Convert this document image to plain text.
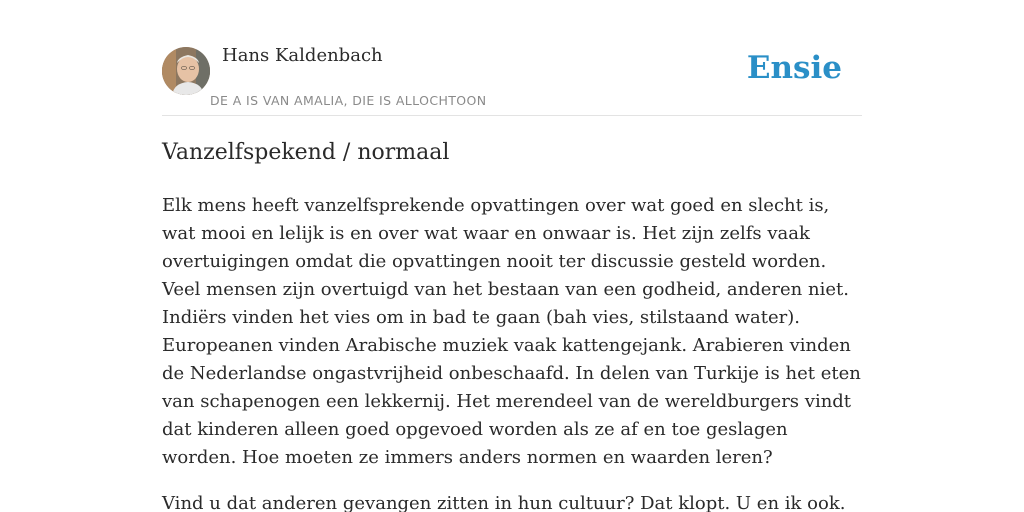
Hans Kaldenbach
DE A IS VAN AMALIA, DIE IS ALLOCHTOON
Ensie
Vanzelfspekend / normaal

Elk mens heeft vanzelfsprekende opvattingen over wat goed en slecht is, wat mooi en lelijk is en over wat waar en onwaar is. Het zijn zelfs vaak overtuigingen omdat die opvattingen nooit ter discussie gesteld worden. Veel mensen zijn overtuigd van het bestaan van een godheid, anderen niet. Indiërs vinden het vies om in bad te gaan (bah vies, stilstaand water). Europeanen vinden Arabische muziek vaak kattengejank. Arabieren vinden de Nederlandse ongastvrijheid onbeschaafd. In delen van Turkije is het eten van schapenogen een lekkernij. Het merendeel van de wereldburgers vindt dat kinderen alleen goed opgevoed worden als ze af en toe geslagen worden. Hoe moeten ze immers anders normen en waarden leren?

Vind u dat anderen gevangen zitten in hun cultuur? Dat klopt. U en ik ook.
